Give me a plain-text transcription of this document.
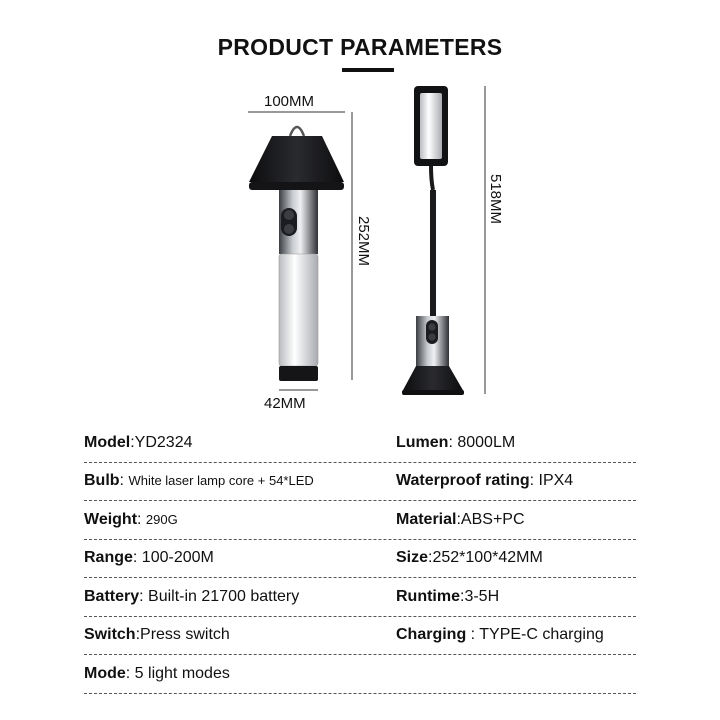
PRODUCT PARAMETERS
100MM
252MM
42MM
518MM
Model:YD2324	Lumen: 8000LM
Bulb: White laser lamp core + 54*LED	Waterproof rating: IPX4
Weight: 290G	Material:ABS+PC
Range: 100-200M	Size:252*100*42MM
Battery: Built-in 21700 battery	Runtime:3-5H
Switch:Press switch	Charging : TYPE-C charging
Mode: 5 light modes
